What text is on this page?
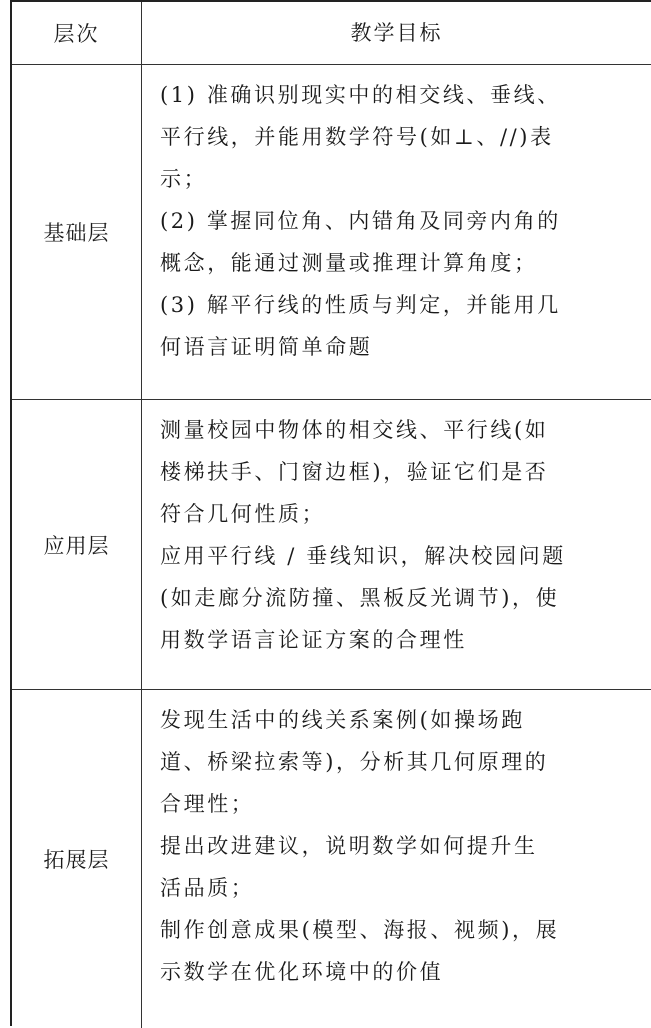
层次	教学目标
基础层
(1) 准确识别现实中的相交线、垂线、
平行线，并能用数学符号(如⊥、//)表
示；
(2) 掌握同位角、内错角及同旁内角的
概念，能通过测量或推理计算角度；
(3) 解平行线的性质与判定，并能用几
何语言证明简单命题
应用层
测量校园中物体的相交线、平行线(如
楼梯扶手、门窗边框)，验证它们是否
符合几何性质；
应用平行线 / 垂线知识，解决校园问题
(如走廊分流防撞、黑板反光调节)，使
用数学语言论证方案的合理性
拓展层
发现生活中的线关系案例(如操场跑
道、桥梁拉索等)，分析其几何原理的
合理性；
提出改进建议，说明数学如何提升生
活品质；
制作创意成果(模型、海报、视频)，展
示数学在优化环境中的价值
